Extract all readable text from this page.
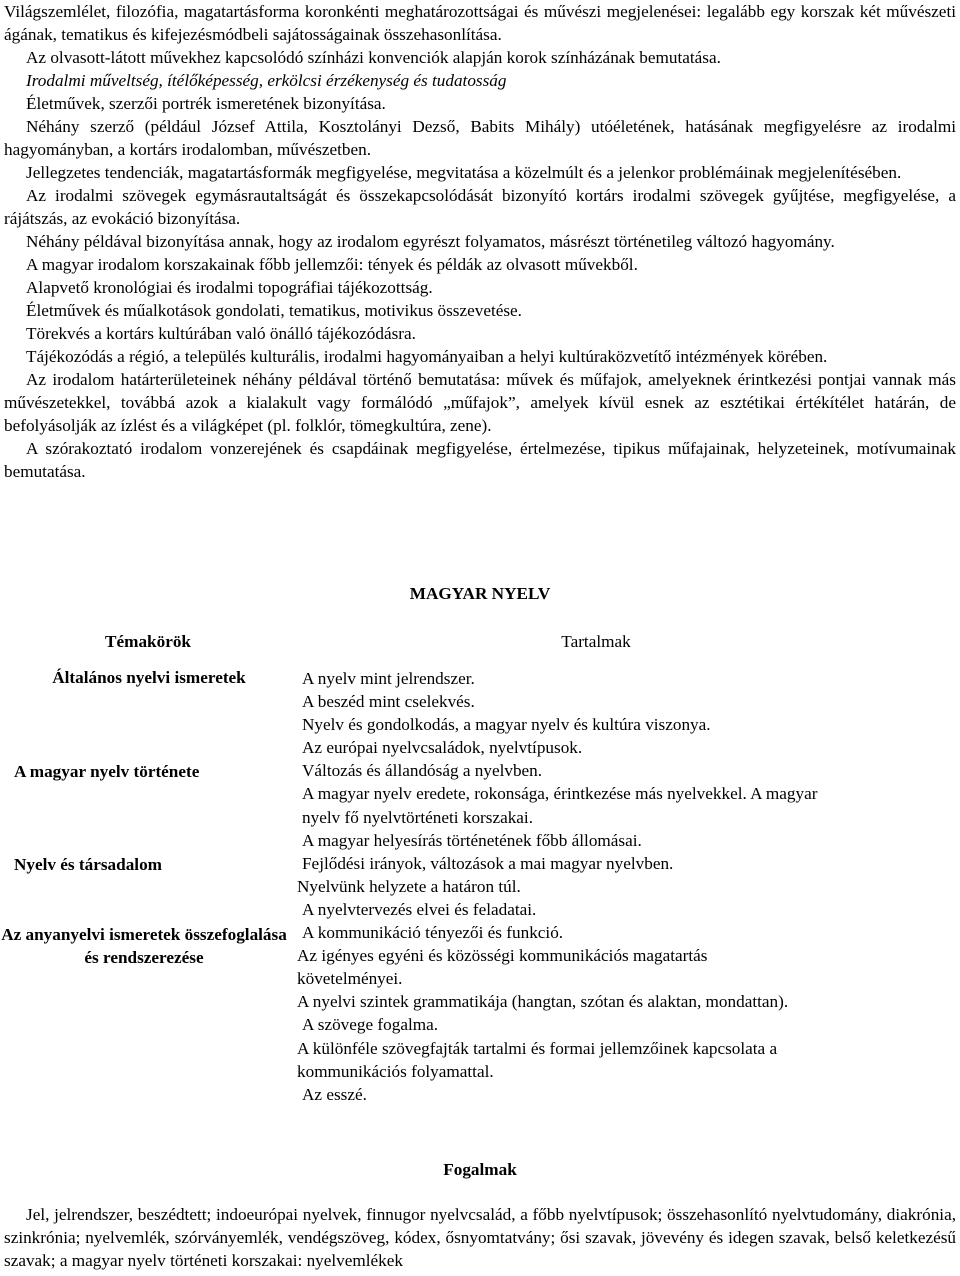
Világszemlélet, filozófia, magatartásforma koronkénti meghatározottságai és művészi megjelenései: legalább egy korszak két művészeti ágának, tematikus és kifejezésmódbeli sajátosságainak összehasonlítása.

Az olvasott-látott művekhez kapcsolódó színházi konvenciók alapján korok színházának bemutatása.

Irodalmi műveltség, ítélőképesség, erkölcsi érzékenység és tudatosság

Életművek, szerzői portrék ismeretének bizonyítása.

Néhány szerző (például József Attila, Kosztolányi Dezső, Babits Mihály) utóéletének, hatásának megfigyelésre az irodalmi hagyományban, a kortárs irodalomban, művészetben.

Jellegzetes tendenciák, magatartásformák megfigyelése, megvitatása a közelmúlt és a jelenkor problémáinak megjelenítésében.

Az irodalmi szövegek egymásrautaltságát és összekapcsolódását bizonyító kortárs irodalmi szövegek gyűjtése, megfigyelése, a rájátszás, az evokáció bizonyítása.

Néhány példával bizonyítása annak, hogy az irodalom egyrészt folyamatos, másrészt történetileg változó hagyomány.

A magyar irodalom korszakainak főbb jellemzői: tények és példák az olvasott művekből.

Alapvető kronológiai és irodalmi topográfiai tájékozottság.

Életművek és műalkotások gondolati, tematikus, motivikus összevetése.

Törekvés a kortárs kultúrában való önálló tájékozódásra.

Tájékozódás a régió, a település kulturális, irodalmi hagyományaiban a helyi kultúraközvetítő intézmények körében.

Az irodalom határterületeinek néhány példával történő bemutatása: művek és műfajok, amelyeknek érintkezési pontjai vannak más művészetekkel, továbbá azok a kialakult vagy formálódó „műfajok”, amelyek kívül esnek az esztétikai értékítélet határán, de befolyásolják az ízlést és a világképet (pl. folklór, tömegkultúra, zene).

A szórakoztató irodalom vonzerejének és csapdáinak megfigyelése, értelmezése, tipikus műfajainak, helyzeteinek, motívumainak bemutatása.

MAGYAR NYELV

Témakörök	Tartalmak

Általános nyelvi ismeretek

A magyar nyelv története

Nyelv és társadalom

Az anyanyelvi ismeretek összefoglalása és rendszerezése

A nyelv mint jelrendszer.

A beszéd mint cselekvés.

Nyelv és gondolkodás, a magyar nyelv és kultúra viszonya.

Az európai nyelvcsaládok, nyelvtípusok.

Változás és állandóság a nyelvben.

A magyar nyelv eredete, rokonsága, érintkezése más nyelvekkel. A magyar nyelv fő nyelvtörténeti korszakai.

A magyar helyesírás történetének főbb állomásai.

Fejlődési irányok, változások a mai magyar nyelvben.

Nyelvünk helyzete a határon túl.

A nyelvtervezés elvei és feladatai.

A kommunikáció tényezői és funkció.

Az igényes egyéni és közösségi kommunikációs magatartás követelményei.

A nyelvi szintek grammatikája (hangtan, szótan és alaktan, mondattan).

A szövege fogalma.

A különféle szövegfajták tartalmi és formai jellemzőinek kapcsolata a kommunikációs folyamattal.

Az esszé.

Fogalmak

Jel, jelrendszer, beszédtett; indoeurópai nyelvek, finnugor nyelvcsalád, a főbb nyelvtípusok; összehasonlító nyelvtudomány, diakrónia, szinkrónia; nyelvemlék, szórványemlék, vendégszöveg, kódex, ősnyomtatvány; ősi szavak, jövevény és idegen szavak, belső keletkezésű szavak; a magyar nyelv történeti korszakai: nyelvemlékek
